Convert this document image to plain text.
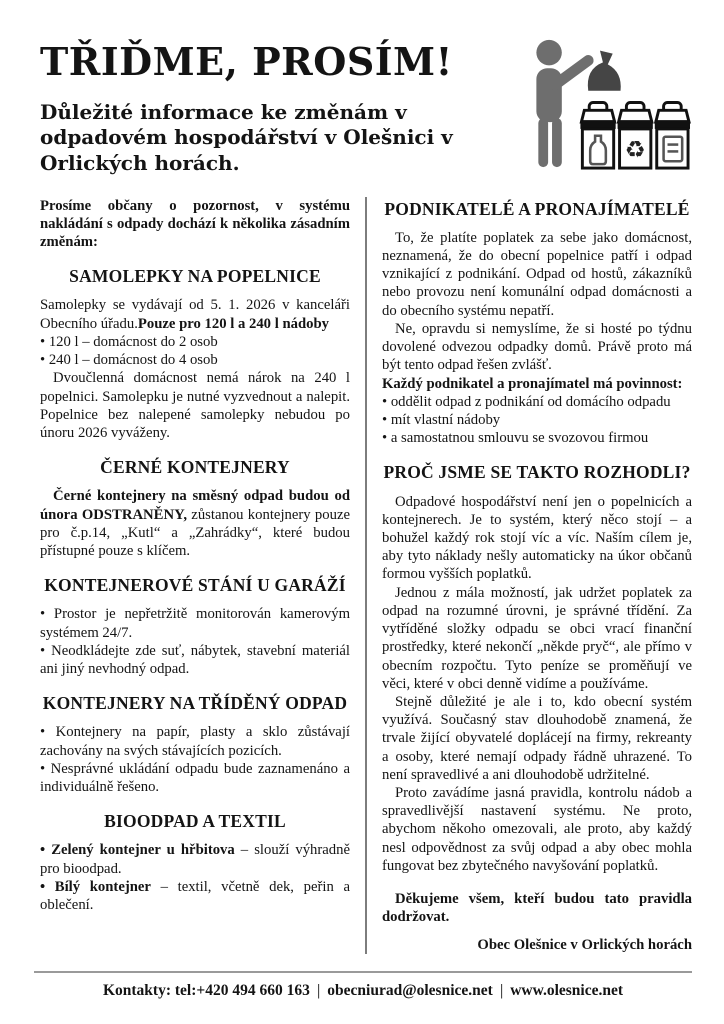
TŘIĎME, PROSÍM!
Důležité informace ke změnám v odpadovém hospodářství v Olešnici v Orlických horách.	♻

Prosíme občany o pozornost, v systému nakládání s odpady dochází k několika zásadním změnám:

SAMOLEPKY NA POPELNICE

Samolepky se vydávají od 5. 1. 2026 v kanceláři Obecního úřadu.Pouze pro 120 l a 240 l nádoby

• 120 l – domácnost do 2 osob

• 240 l – domácnost do 4 osob

Dvoučlenná domácnost nemá nárok na 240 l popelnici. Samolepku je nutné vyzvednout a nalepit. Popelnice bez nalepené samolepky nebudou po únoru 2026 vyváženy.

ČERNÉ KONTEJNERY

Černé kontejnery na směsný odpad budou od února ODSTRANĚNY, zůstanou kontejnery pouze pro č.p.14, „Kutl“ a „Zahrádky“, které budou přístupné pouze s klíčem.

KONTEJNEROVÉ STÁNÍ U GARÁŽÍ

• Prostor je nepřetržitě monitorován kamerovým systémem 24/7.

• Neodkládejte zde suť, nábytek, stavební materiál ani jiný nevhodný odpad.

KONTEJNERY NA TŘÍDĚNÝ ODPAD

• Kontejnery na papír, plasty a sklo zůstávají zachovány na svých stávajících pozicích.

• Nesprávné ukládání odpadu bude zaznamenáno a individuálně řešeno.

BIOODPAD A TEXTIL

• Zelený kontejner u hřbitova – slouží výhradně pro bioodpad.

• Bílý kontejner – textil, včetně dek, peřin a oblečení.

PODNIKATELÉ A PRONAJÍMATELÉ

To, že platíte poplatek za sebe jako domácnost, neznamená, že do obecní popelnice patří i odpad vznikající z podnikání. Odpad od hostů, zákazníků nebo provozu není komunální odpad domácnosti a do obecního systému nepatří.

Ne, opravdu si nemyslíme, že si hosté po týdnu dovolené odvezou odpadky domů. Právě proto má být tento odpad řešen zvlášť.

Každý podnikatel a pronajímatel má povinnost:

• oddělit odpad z podnikání od domácího odpadu

• mít vlastní nádoby

• a samostatnou smlouvu se svozovou firmou

PROČ JSME SE TAKTO ROZHODLI?

Odpadové hospodářství není jen o popelnicích a kontejnerech. Je to systém, který něco stojí – a bohužel každý rok stojí víc a víc. Naším cílem je, aby tyto náklady nešly automaticky na úkor občanů formou vyšších poplatků.

Jednou z mála možností, jak udržet poplatek za odpad na rozumné úrovni, je správné třídění. Za vytříděné složky odpadu se obci vrací finanční prostředky, které nekončí „někde pryč“, ale přímo v obecním rozpočtu. Tyto peníze se proměňují ve věci, které v obci denně vidíme a používáme.

Stejně důležité je ale i to, kdo obecní systém využívá. Současný stav dlouhodobě znamená, že trvale žijící obyvatelé doplácejí na firmy, rekreanty a osoby, které nemají odpady řádně uhrazené. To není spravedlivé a ani dlouhodobě udržitelné.

Proto zavádíme jasná pravidla, kontrolu nádob a spravedlivější nastavení systému. Ne proto, abychom někoho omezovali, ale proto, aby každý nesl odpovědnost za svůj odpad a aby obec mohla fungovat bez zbytečného navyšování poplatků.

Děkujeme všem, kteří budou tato pravidla dodržovat.

Obec Olešnice v Orlických horách

Kontakty: tel:+420 494 660 163 | obecniurad@olesnice.net | www.olesnice.net
